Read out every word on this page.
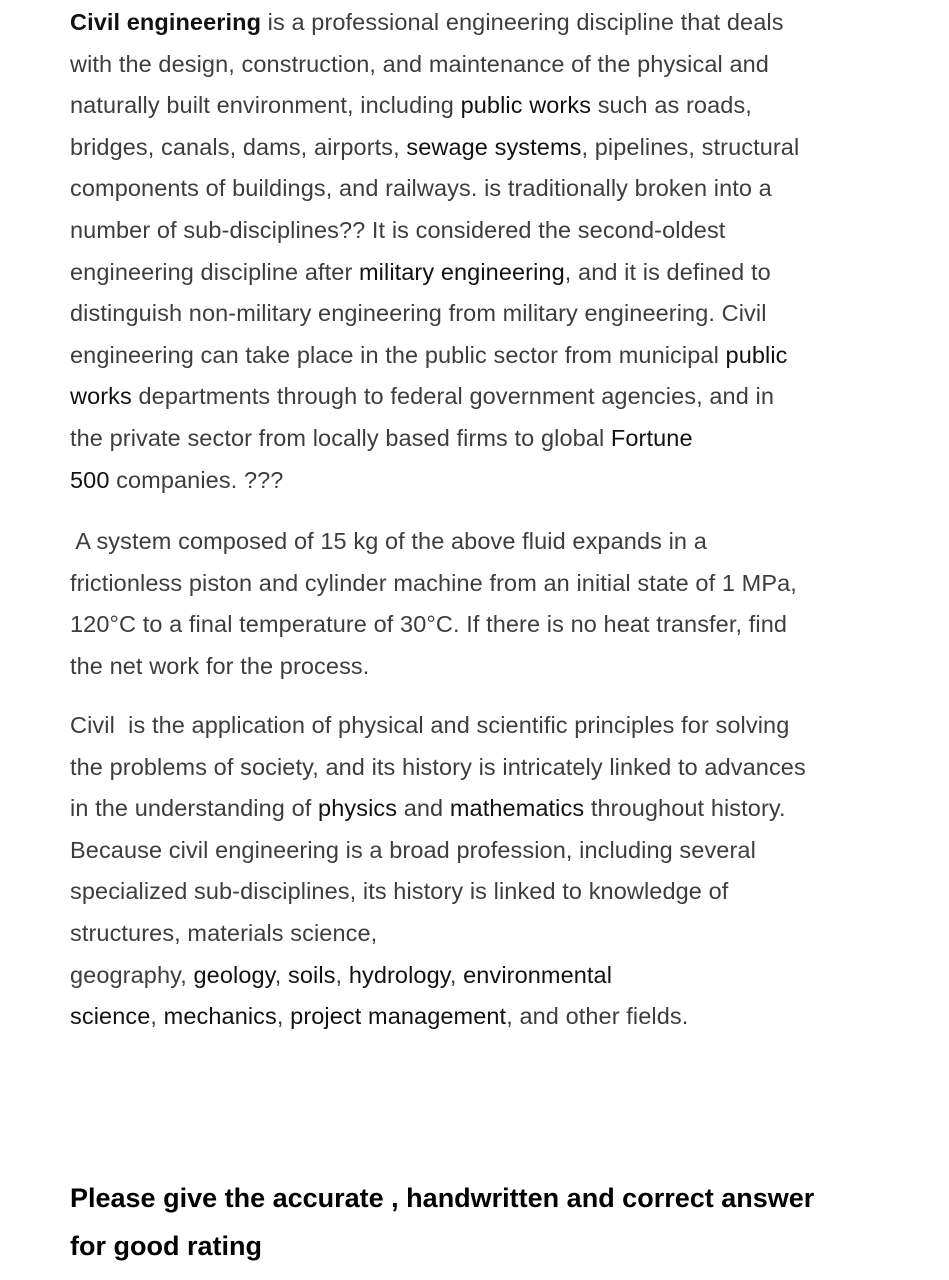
Civil engineering is a professional engineering discipline that deals
with the design, construction, and maintenance of the physical and
naturally built environment, including public works such as roads,
bridges, canals, dams, airports, sewage systems, pipelines, structural
components of buildings, and railways. is traditionally broken into a
number of sub-disciplines?? It is considered the second-oldest
engineering discipline after military engineering, and it is defined to
distinguish non-military engineering from military engineering. Civil
engineering can take place in the public sector from municipal public
works departments through to federal government agencies, and in
the private sector from locally based firms to global Fortune
500 companies. ???

A system composed of 15 kg of the above fluid expands in a
frictionless piston and cylinder machine from an initial state of 1 MPa,
120°C to a final temperature of 30°C. If there is no heat transfer, find
the net work for the process.

Civil  is the application of physical and scientific principles for solving
the problems of society, and its history is intricately linked to advances
in the understanding of physics and mathematics throughout history.
Because civil engineering is a broad profession, including several
specialized sub-disciplines, its history is linked to knowledge of
structures, materials science,
geography, geology, soils, hydrology, environmental
science, mechanics, project management, and other fields.

Please give the accurate , handwritten and correct answer
for good rating
